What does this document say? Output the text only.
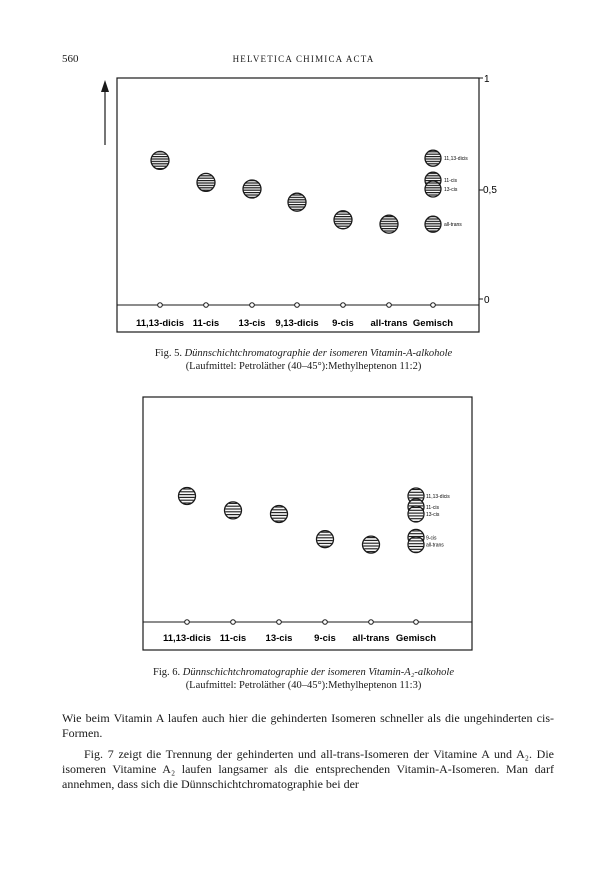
560	HELVETICA CHIMICA ACTA
1
0,5
0
11,13-dicis 11-cis 13-cis 9,13-dicis 9-cis all-trans Gemisch
11,13-dicis
11-cis
13-cis
all-trans
Fig. 5. Dünnschichtchromatographie der isomeren Vitamin-A-alkohole
(Laufmittel: Petroläther (40–45°):Methylheptenon 11:2)
11,13-dicis 11-cis 13-cis 9-cis all-trans Gemisch
11,13-dicis
11-cis
13-cis
9-cis
all-trans
Fig. 6. Dünnschichtchromatographie der isomeren Vitamin-A₂-alkohole
(Laufmittel: Petroläther (40–45°):Methylheptenon 11:3)

Wie beim Vitamin A laufen auch hier die gehinderten Isomeren schneller als die ungehinderten cis-Formen.

Fig. 7 zeigt die Trennung der gehinderten und all-trans-Isomeren der Vitamine A und A₂. Die isomeren Vitamine A₂ laufen langsamer als die entsprechenden Vitamin-A-Isomeren. Man darf annehmen, dass sich die Dünnschichtchromatographie bei der
